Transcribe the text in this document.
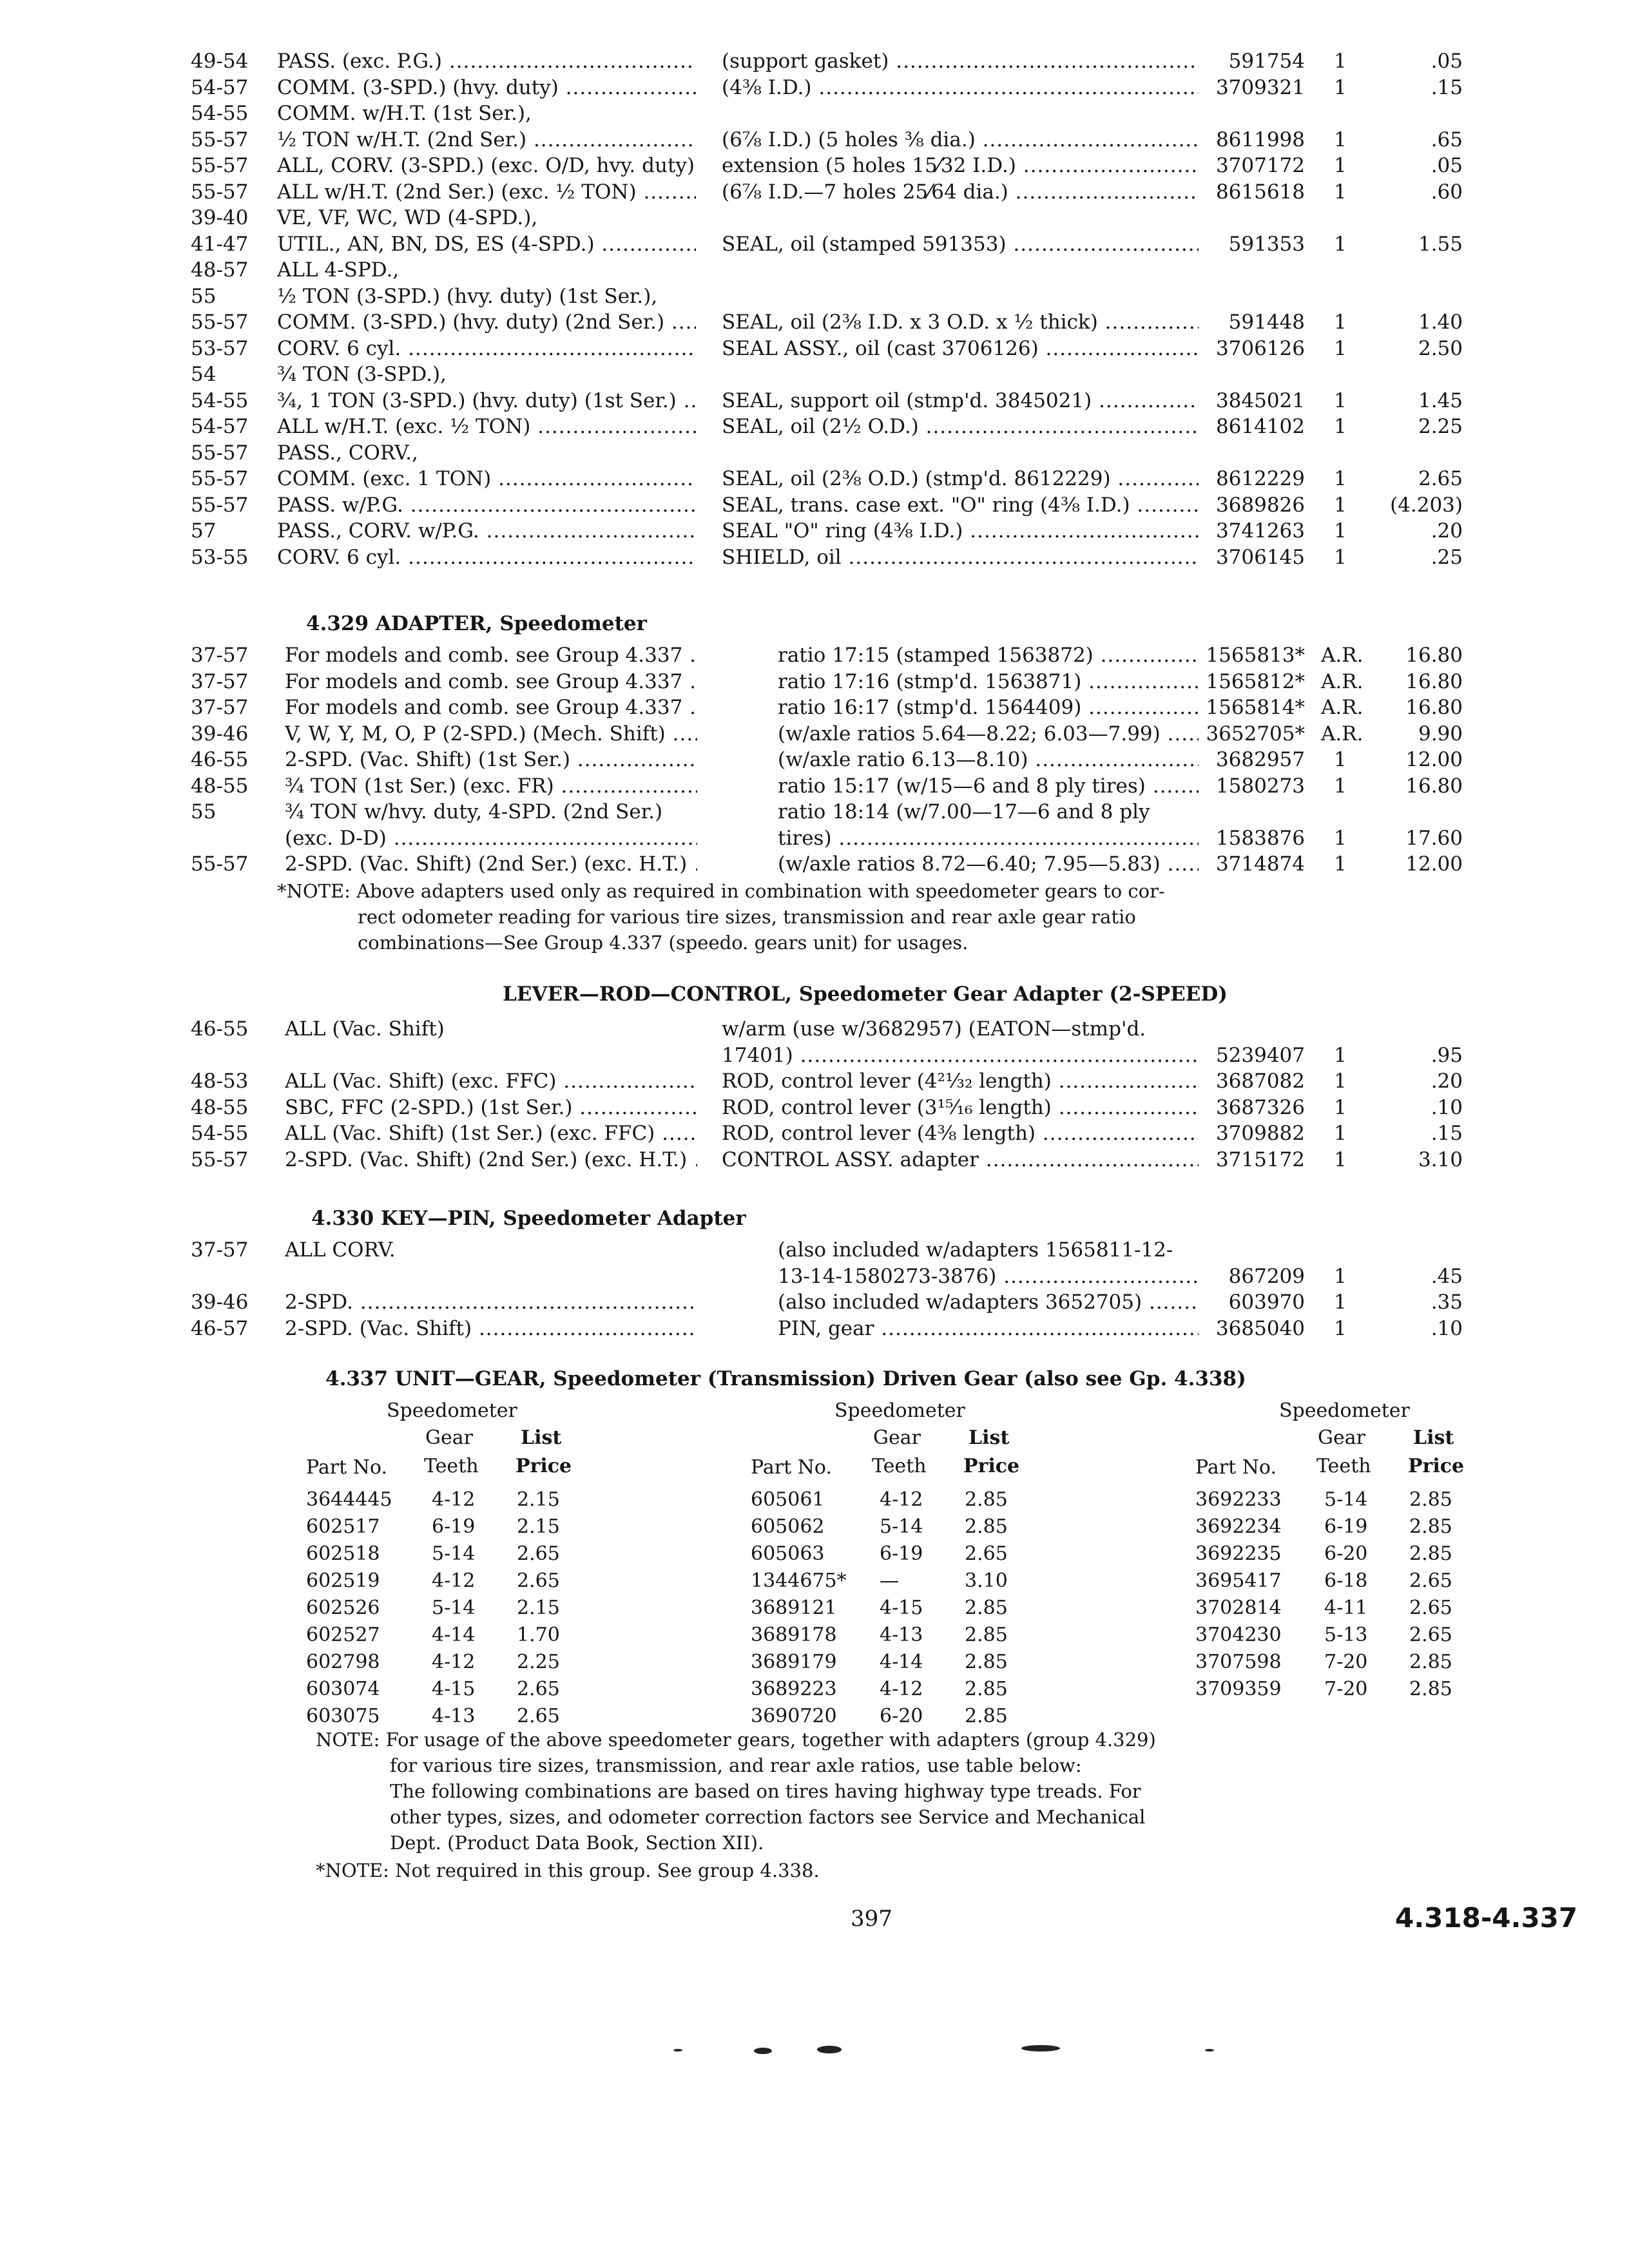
49-54 PASS. (exc. P.G.) .....	(support gasket) .....	591754	1	.05
54-57 COMM. (3-SPD.) (hvy. duty) .....	(4⅜ I.D.) .....	3709321	1	.15
54-55 COMM. w/H.T. (1st Ser.),
55-57 ½ TON w/H.T. (2nd Ser.) .....	(6⅞ I.D.) (5 holes ⅜ dia.) .....	8611998	1	.65
55-57 ALL, CORV. (3-SPD.) (exc. O/D, hvy. duty) ..... extension (5 holes 15⁄32 I.D.) .....	3707172	1	.05
55-57 ALL w/H.T. (2nd Ser.) (exc. ½ TON) .....	(6⅞ I.D.—7 holes 25⁄64 dia.) .....	8615618	1	.60
39-40 VE, VF, WC, WD (4-SPD.),
41-47 UTIL., AN, BN, DS, ES (4-SPD.) .....	SEAL, oil (stamped 591353) .....	591353	1	1.55
48-57 ALL 4-SPD.,
55	½ TON (3-SPD.) (hvy. duty) (1st Ser.),
55-57 COMM. (3-SPD.) (hvy. duty) (2nd Ser.) .....	SEAL, oil (2⅜ I.D. x 3 O.D. x ½ thick) .....	591448	1	1.40
53-57 CORV. 6 cyl. .....	SEAL ASSY., oil (cast 3706126) .....	3706126	1	2.50
54	¾ TON (3-SPD.),
54-55 ¾, 1 TON (3-SPD.) (hvy. duty) (1st Ser.) .....	SEAL, support oil (stmp'd. 3845021) .....	3845021	1	1.45
54-57 ALL w/H.T. (exc. ½ TON) .....	SEAL, oil (2½ O.D.) .....	8614102	1	2.25
55-57 PASS., CORV.,
55-57 COMM. (exc. 1 TON) .....	SEAL, oil (2⅜ O.D.) (stmp'd. 8612229) .....	8612229	1	2.65
55-57 PASS. w/P.G. .....	SEAL, trans. case ext. "O" ring (4⅜ I.D.) .....	3689826	1	(4.203)
57	PASS., CORV. w/P.G. .....	SEAL "O" ring (4⅜ I.D.) .....	3741263	1	.20
53-55 CORV. 6 cyl. .....	SHIELD, oil .....	3706145	1	.25
4.329 ADAPTER, Speedometer
37-57 For models and comb. see Group 4.337 .....	ratio 17:15 (stamped 1563872) .....	1565813* A.R.	16.80
37-57 For models and comb. see Group 4.337 .....	ratio 17:16 (stmp'd. 1563871) .....	1565812* A.R.	16.80
37-57 For models and comb. see Group 4.337 .....	ratio 16:17 (stmp'd. 1564409) .....	1565814* A.R.	16.80
39-46 V, W, Y, M, O, P (2-SPD.) (Mech. Shift) .....	(w/axle ratios 5.64—8.22; 6.03—7.99) .....	3652705* A.R.	9.90
46-55 2-SPD. (Vac. Shift) (1st Ser.) .....	(w/axle ratio 6.13—8.10) .....	3682957	1	12.00
48-55 ¾ TON (1st Ser.) (exc. FR) .....	ratio 15:17 (w/15—6 and 8 ply tires) .....	1580273	1	16.80
55	¾ TON w/hvy. duty, 4-SPD. (2nd Ser.)	ratio 18:14 (w/7.00—17—6 and 8 ply
(exc. D-D) .....	tires) .....	1583876	1	17.60
55-57 2-SPD. (Vac. Shift) (2nd Ser.) (exc. H.T.) .....	(w/axle ratios 8.72—6.40; 7.95—5.83) .....	3714874	1	12.00
*NOTE: Above adapters used only as required in combination with speedometer gears to cor-
rect odometer reading for various tire sizes, transmission and rear axle gear ratio
combinations—See Group 4.337 (speedo. gears unit) for usages.
LEVER—ROD—CONTROL, Speedometer Gear Adapter (2-SPEED)
46-55 ALL (Vac. Shift)	w/arm (use w/3682957) (EATON—stmp'd.
17401) .....	5239407	1	.95
48-53 ALL (Vac. Shift) (exc. FFC) .....	ROD, control lever (4²¹⁄₃₂ length) .....	3687082	1	.20
48-55 SBC, FFC (2-SPD.) (1st Ser.) .....	ROD, control lever (3¹⁵⁄₁₆ length) .....	3687326	1	.10
54-55 ALL (Vac. Shift) (1st Ser.) (exc. FFC) .....	ROD, control lever (4⅜ length) .....	3709882	1	.15
55-57 2-SPD. (Vac. Shift) (2nd Ser.) (exc. H.T.) .....	CONTROL ASSY. adapter .....	3715172	1	3.10
4.330 KEY—PIN, Speedometer Adapter
37-57 ALL CORV.	(also included w/adapters 1565811-12-
13-14-1580273-3876) .....	867209	1	.45
39-46 2-SPD. .....	(also included w/adapters 3652705) .....	603970	1	.35
46-57 2-SPD. (Vac. Shift) .....	PIN, gear .....	3685040	1	.10
4.337 UNIT—GEAR, Speedometer (Transmission) Driven Gear (also see Gp. 4.338)
Speedometer
Gear List
Part No. Teeth Price
3644445 4-12 2.15
602517	6-19 2.15
602518	5-14 2.65
602519	4-12 2.65
602526	5-14 2.15
602527	4-14 1.70
602798	4-12 2.25
603074	4-15 2.65
603075	4-13 2.65
Speedometer
Gear List
Part No. Teeth Price
605061	4-12 2.85
605062	5-14 2.85
605063	6-19 2.65
1344675* —	3.10
3689121 4-15 2.85
3689178 4-13 2.85
3689179 4-14 2.85
3689223 4-12 2.85
3690720 6-20 2.85
Speedometer
Gear List
Part No. Teeth Price
3692233 5-14 2.85
3692234 6-19 2.85
3692235 6-20 2.85
3695417 6-18 2.65
3702814 4-11 2.65
3704230 5-13 2.65
3707598 7-20 2.85
3709359 7-20 2.85
NOTE: For usage of the above speedometer gears, together with adapters (group 4.329)
for various tire sizes, transmission, and rear axle ratios, use table below:
The following combinations are based on tires having highway type treads. For
other types, sizes, and odometer correction factors see Service and Mechanical
Dept. (Product Data Book, Section XII).
*NOTE: Not required in this group. See group 4.338.
397	4.318-4.337
